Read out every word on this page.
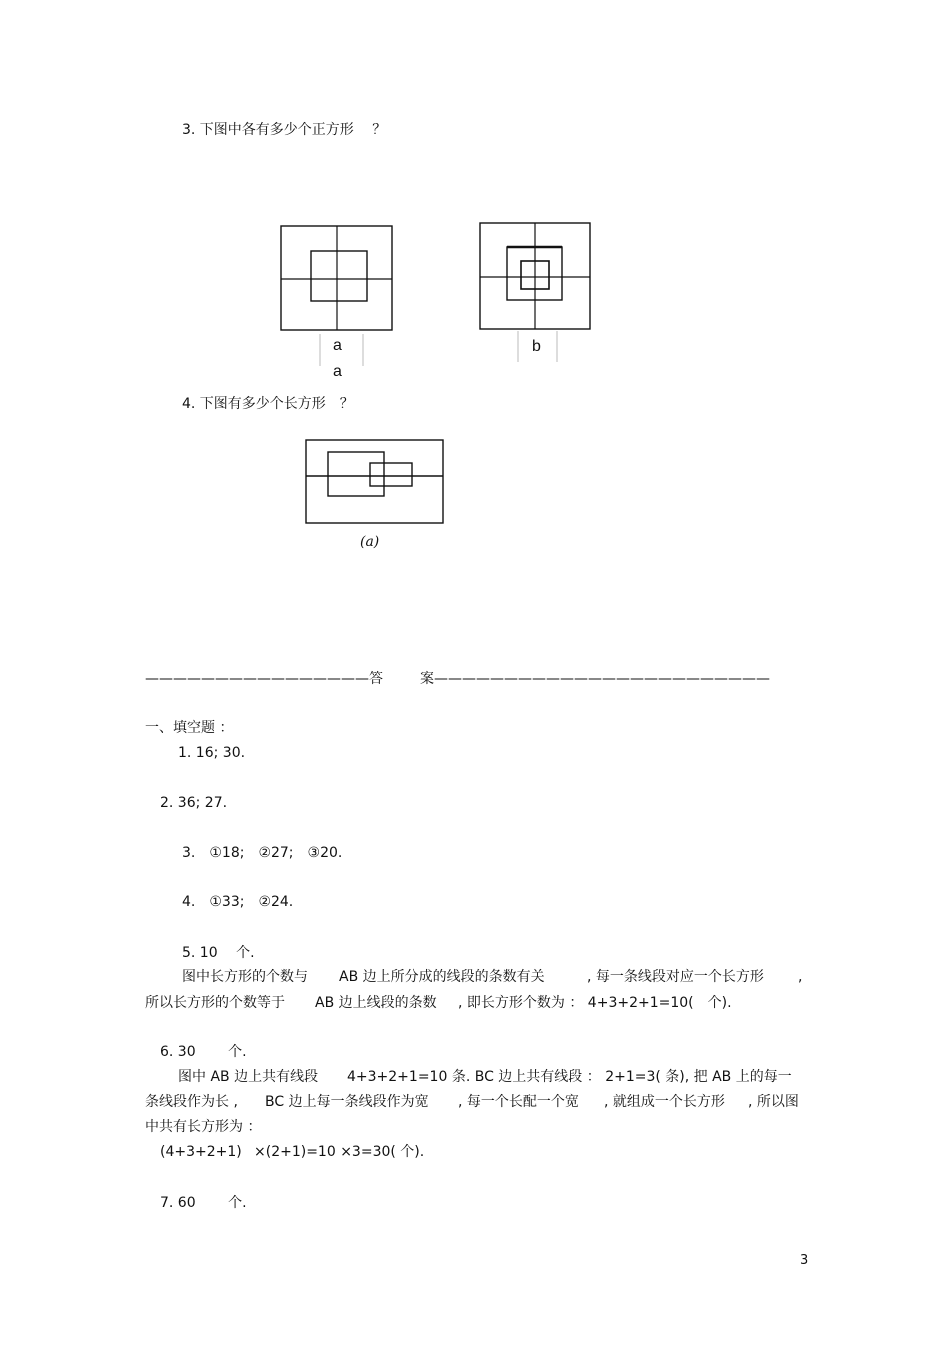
3. 下图中各有多少个正方形　 ？
a
a
b
4. 下图有多少个长方形　？
(a)
————————————————答	案————————————————————————
一、填空题 ：
1. 16; 30.
2. 36; 27.
3.　①18;　②27;　③20.
4.　①33;　②24.
5. 10　 个.
图中长方形的个数与 AB 边上所分成的线段的条数有关	, 每一条线段对应一个长方形 ,
所以长方形的个数等于 AB 边上线段的条数 , 即长方形个数为 ： 4+3+2+1=10(　个).
6. 30　　 个.
图中 AB 边上共有线段 4+3+2+1=10 条. BC 边上共有线段 ： 2+1=3( 条), 把 AB 上的每一
条线段作为长 , BC 边上每一条线段作为宽 , 每一个长配一个宽 , 就组成一个长方形 , 所以图
中共有长方形为 ：
(4+3+2+1) ×(2+1)=10 ×3=30( 个).
7. 60　　 个.
3
